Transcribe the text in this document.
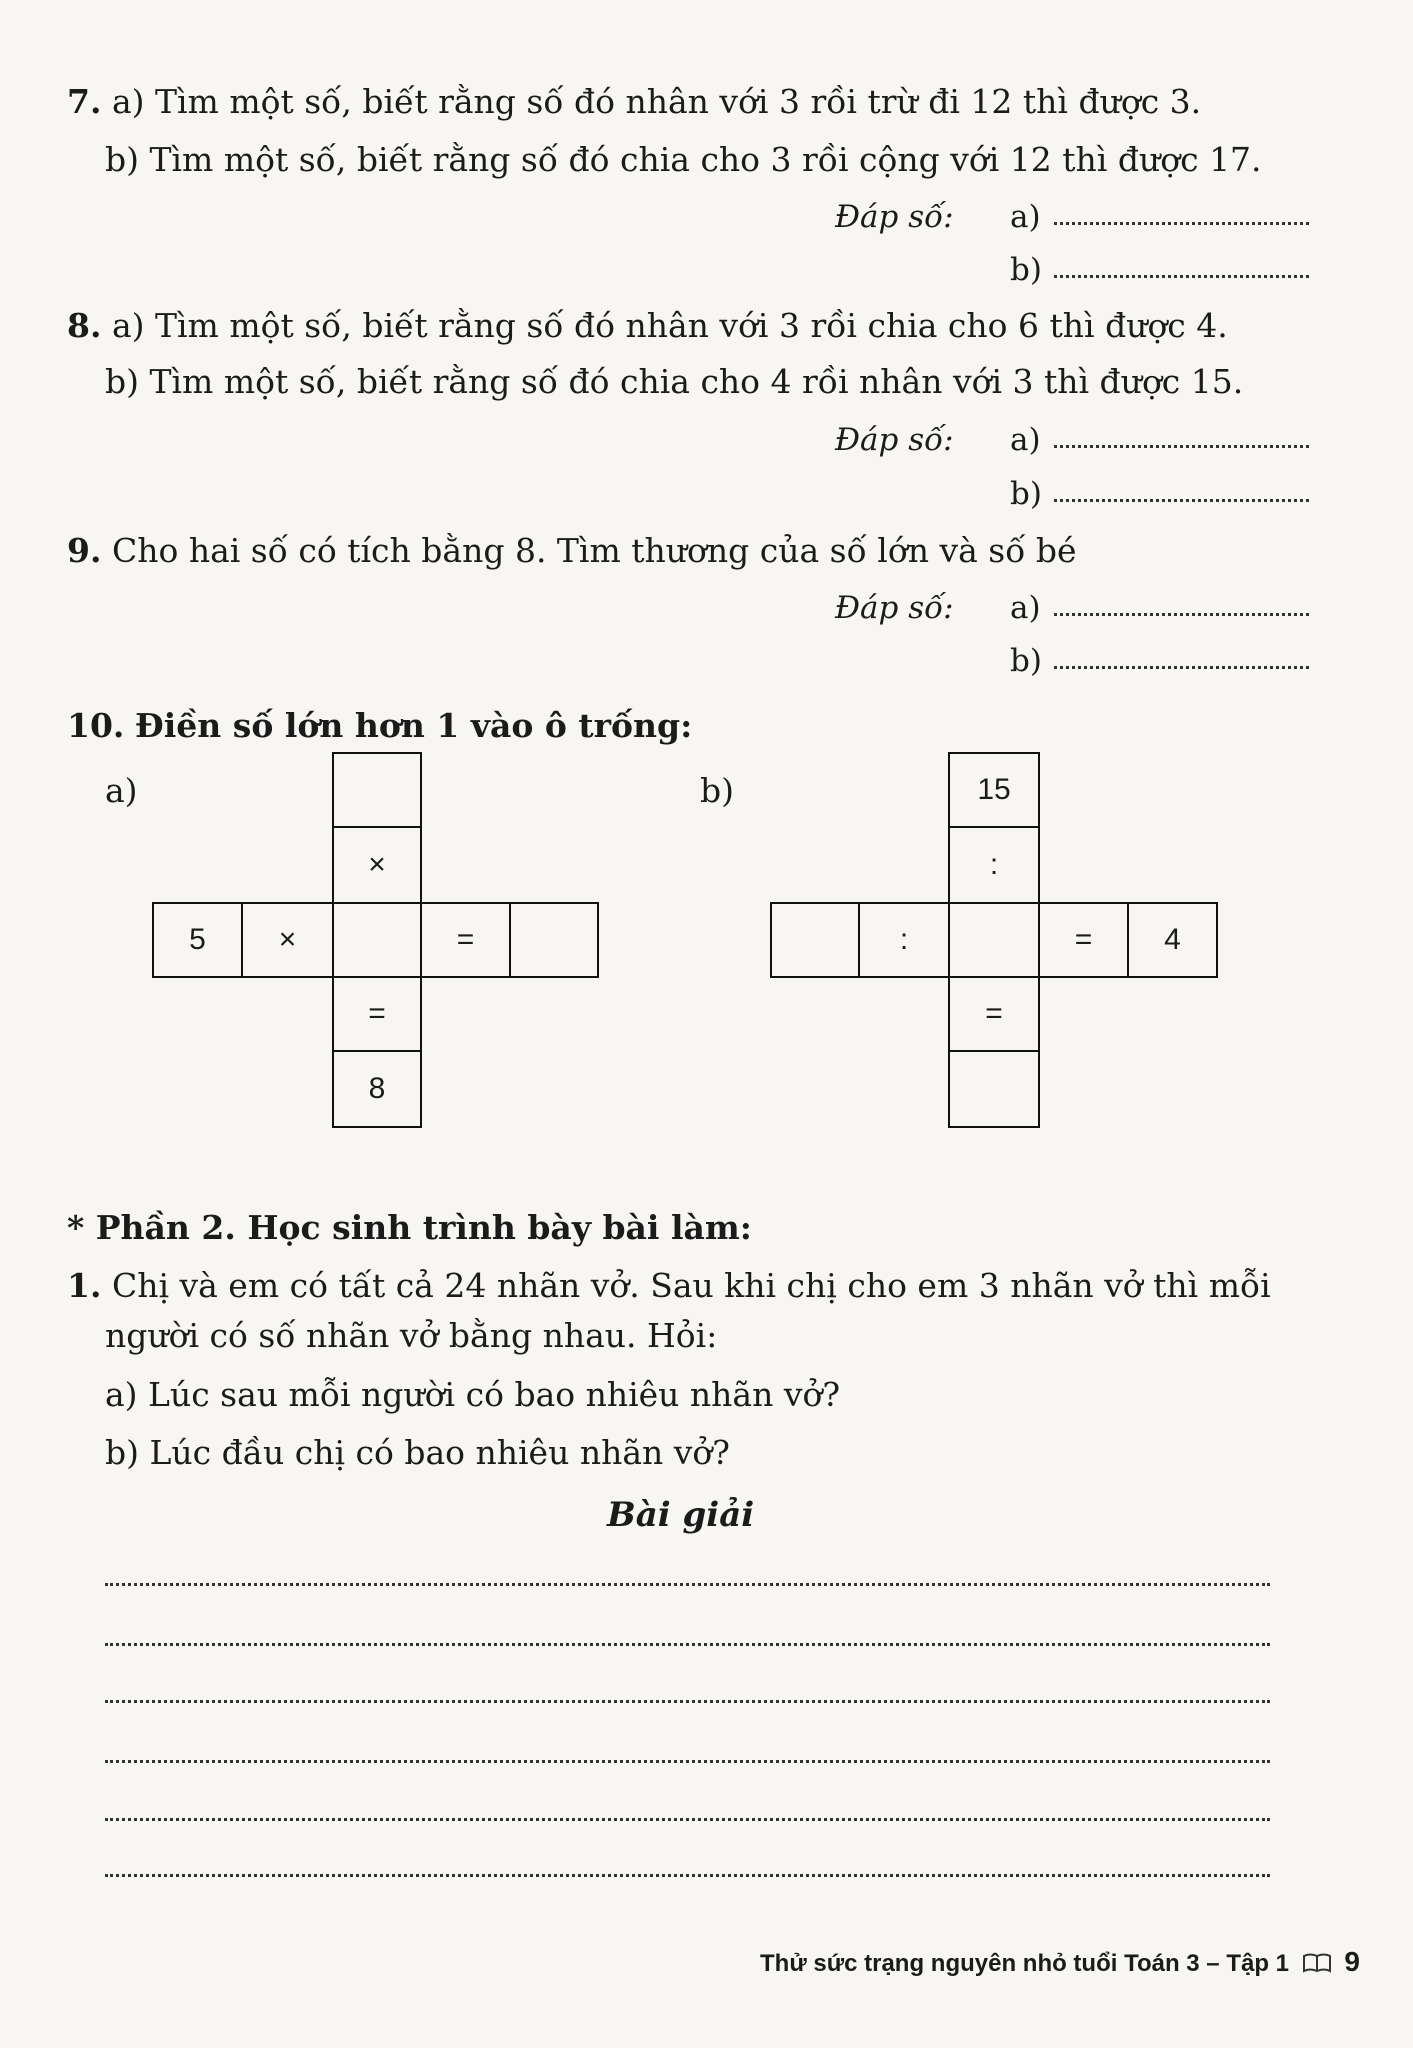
7. a) Tìm một số, biết rằng số đó nhân với 3 rồi trừ đi 12 thì được 3.
b) Tìm một số, biết rằng số đó chia cho 3 rồi cộng với 12 thì được 17.
Đáp số: a)
b)
8. a) Tìm một số, biết rằng số đó nhân với 3 rồi chia cho 6 thì được 4.
b) Tìm một số, biết rằng số đó chia cho 4 rồi nhân với 3 thì được 15.
Đáp số: a)
b)
9. Cho hai số có tích bằng 8. Tìm thương của số lớn và số bé
Đáp số: a)
b)
10. Điền số lớn hơn 1 vào ô trống:
a)
×
5	×	=
=
8
b)	15
:
:	=	4
=
* Phần 2. Học sinh trình bày bài làm:
1. Chị và em có tất cả 24 nhãn vở. Sau khi chị cho em 3 nhãn vở thì mỗi
người có số nhãn vở bằng nhau. Hỏi:
a) Lúc sau mỗi người có bao nhiêu nhãn vở?
b) Lúc đầu chị có bao nhiêu nhãn vở?
Bài giải
Thử sức trạng nguyên nhỏ tuổi Toán 3 – Tập 1 9
